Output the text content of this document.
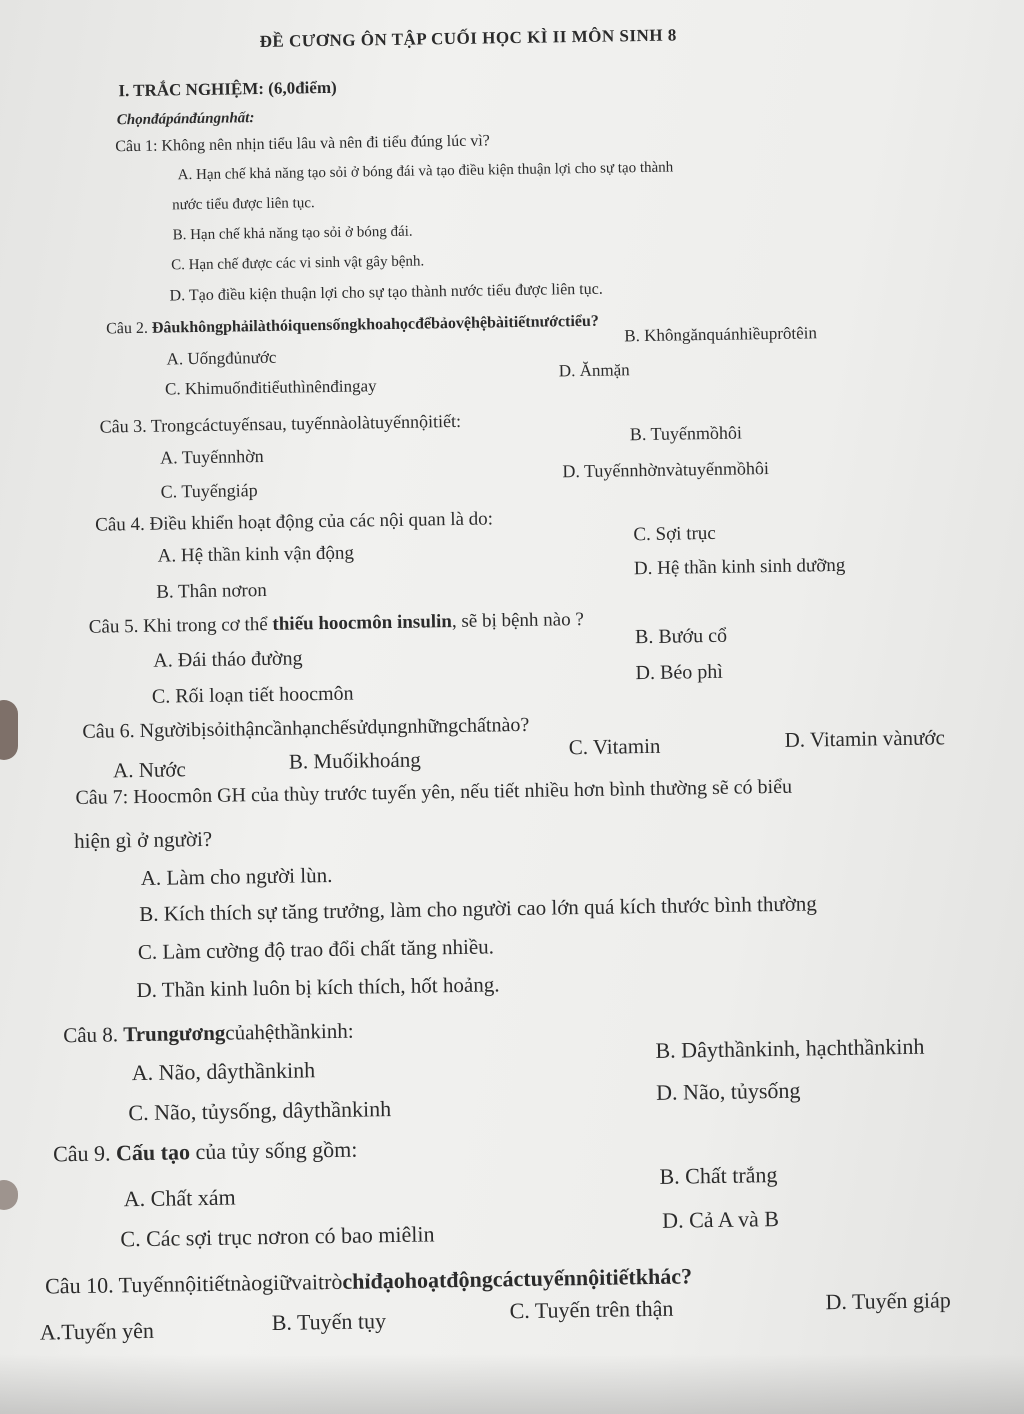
ĐỀ CƯƠNG ÔN TẬP CUỐI HỌC KÌ II MÔN SINH 8
I. TRẮC NGHIỆM: (6,0điểm)
Chọnđápánđúngnhất:
Câu 1: Không nên nhịn tiểu lâu và nên đi tiểu đúng lúc vì?
A. Hạn chế khả năng tạo sỏi ở bóng đái và tạo điều kiện thuận lợi cho sự tạo thành
nước tiểu được liên tục.
B. Hạn chế khả năng tạo sỏi ở bóng đái.
C. Hạn chế được các vi sinh vật gây bệnh.
D. Tạo điều kiện thuận lợi cho sự tạo thành nước tiểu được liên tục.
Câu 2. Đâukhôngphảilàthóiquensốngkhoahọcđểbảovệhệbàitiếtnướctiểu?
A. Uốngđủnước
B. Khôngănquánhiềuprôtêin
C. Khimuốnđitiểuthìnênđingay
D. Ănmặn
Câu 3. Trongcáctuyếnsau, tuyếnnàolàtuyếnnộitiết:
A. Tuyếnnhờn
B. Tuyếnmồhôi
C. Tuyếngiáp
D. Tuyếnnhờnvàtuyếnmồhôi
Câu 4. Điều khiển hoạt động của các nội quan là do:
A. Hệ thần kinh vận động
C. Sợi trục
B. Thân nơron
D. Hệ thần kinh sinh dưỡng
Câu 5. Khi trong cơ thể thiếu hoocmôn insulin, sẽ bị bệnh nào ?
A. Đái tháo đường
B. Bướu cổ
C. Rối loạn tiết hoocmôn
D. Béo phì
Câu 6. Ngườibịsỏithậncầnhạnchếsửdụngnhữngchấtnào?
A. Nước	B. Muốikhoáng
C. Vitamin	D. Vitamin vànước
Câu 7: Hoocmôn GH của thùy trước tuyến yên, nếu tiết nhiều hơn bình thường sẽ có biểu
hiện gì ở người?
A. Làm cho người lùn.
B. Kích thích sự tăng trưởng, làm cho người cao lớn quá kích thước bình thường
C. Làm cường độ trao đổi chất tăng nhiều.
D. Thần kinh luôn bị kích thích, hốt hoảng.
Câu 8. Trungươngcủahệthầnkinh:
A. Não, dâythầnkinh
B. Dâythầnkinh, hạchthầnkinh
C. Não, tủysống, dâythầnkinh
D. Não, tủysống
Câu 9. Cấu tạo của tủy sống gồm:
A. Chất xám
B. Chất trắng
C. Các sợi trục nơron có bao miêlin
D. Cả A và B
Câu 10. Tuyếnnộitiếtnàogiữvaitròchỉđạohoạtđộngcáctuyếnnộitiếtkhác?
A.Tuyến yên	B. Tuyến tụy	C. Tuyến trên thận	D. Tuyến giáp
